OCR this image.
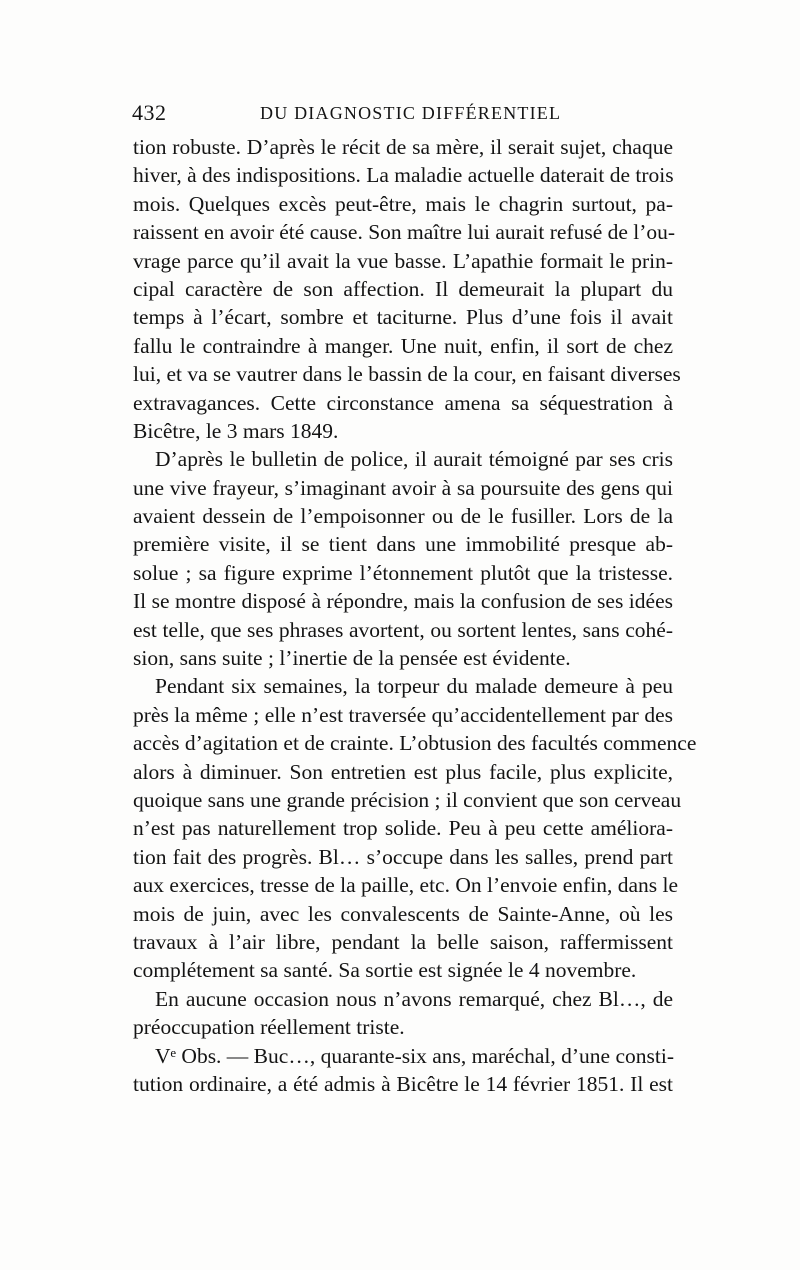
432	DU DIAGNOSTIC DIFFÉRENTIEL
tion robuste. D’après le récit de sa mère, il serait sujet, chaque
hiver, à des indispositions. La maladie actuelle daterait de trois
mois. Quelques excès peut-être, mais le chagrin surtout, pa-
raissent en avoir été cause. Son maître lui aurait refusé de l’ou-
vrage parce qu’il avait la vue basse. L’apathie formait le prin-
cipal caractère de son affection. Il demeurait la plupart du
temps à l’écart, sombre et taciturne. Plus d’une fois il avait
fallu le contraindre à manger. Une nuit, enfin, il sort de chez
lui, et va se vautrer dans le bassin de la cour, en faisant diverses
extravagances. Cette circonstance amena sa séquestration à
Bicêtre, le 3 mars 1849.
D’après le bulletin de police, il aurait témoigné par ses cris
une vive frayeur, s’imaginant avoir à sa poursuite des gens qui
avaient dessein de l’empoisonner ou de le fusiller. Lors de la
première visite, il se tient dans une immobilité presque ab-
solue ; sa figure exprime l’étonnement plutôt que la tristesse.
Il se montre disposé à répondre, mais la confusion de ses idées
est telle, que ses phrases avortent, ou sortent lentes, sans cohé-
sion, sans suite ; l’inertie de la pensée est évidente.
Pendant six semaines, la torpeur du malade demeure à peu
près la même ; elle n’est traversée qu’accidentellement par des
accès d’agitation et de crainte. L’obtusion des facultés commence
alors à diminuer. Son entretien est plus facile, plus explicite,
quoique sans une grande précision ; il convient que son cerveau
n’est pas naturellement trop solide. Peu à peu cette améliora-
tion fait des progrès. Bl… s’occupe dans les salles, prend part
aux exercices, tresse de la paille, etc. On l’envoie enfin, dans le
mois de juin, avec les convalescents de Sainte-Anne, où les
travaux à l’air libre, pendant la belle saison, raffermissent
complétement sa santé. Sa sortie est signée le 4 novembre.
En aucune occasion nous n’avons remarqué, chez Bl…, de
préoccupation réellement triste.
Vᵉ Obs. — Buc…, quarante-six ans, maréchal, d’une consti-
tution ordinaire, a été admis à Bicêtre le 14 février 1851. Il est
